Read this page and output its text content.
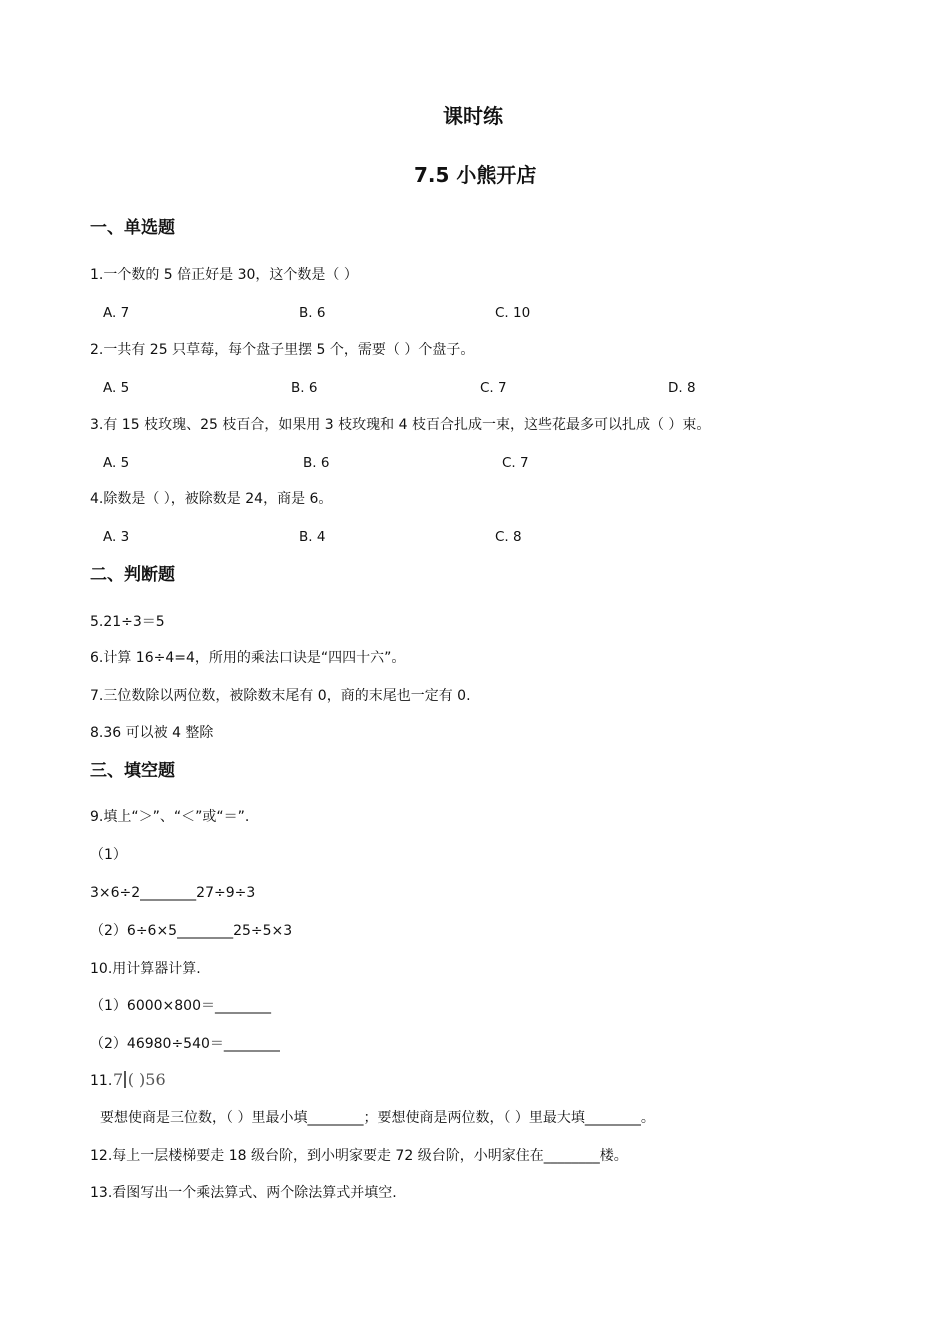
课时练
7.5 小熊开店
一、单选题
1.一个数的 5 倍正好是 30，这个数是（ ）
A. 7	B. 6	C. 10
2.一共有 25 只草莓，每个盘子里摆 5 个，需要（ ）个盘子。
A. 5	B. 6	C. 7	D. 8
3.有 15 枝玫瑰、25 枝百合，如果用 3 枝玫瑰和 4 枝百合扎成一束，这些花最多可以扎成（ ）束。
A. 5	B. 6	C. 7
4.除数是（ ），被除数是 24，商是 6。
A. 3	B. 4	C. 8
二、判断题
5.21÷3＝5
6.计算 16÷4=4，所用的乘法口诀是“四四十六”。
7.三位数除以两位数，被除数末尾有 0，商的末尾也一定有 0.
8.36 可以被 4 整除
三、填空题
9.填上“＞”、“＜”或“＝”.
（1）
3×6÷2________27÷9÷3
（2）6÷6×5________25÷5×3
10.用计算器计算.
（1）6000×800＝________
（2）46980÷540＝________
11. 7 ( )56
要想使商是三位数，（ ）里最小填________；要想使商是两位数，（ ）里最大填________。
12.每上一层楼梯要走 18 级台阶，到小明家要走 72 级台阶，小明家住在________楼。
13.看图写出一个乘法算式、两个除法算式并填空.
